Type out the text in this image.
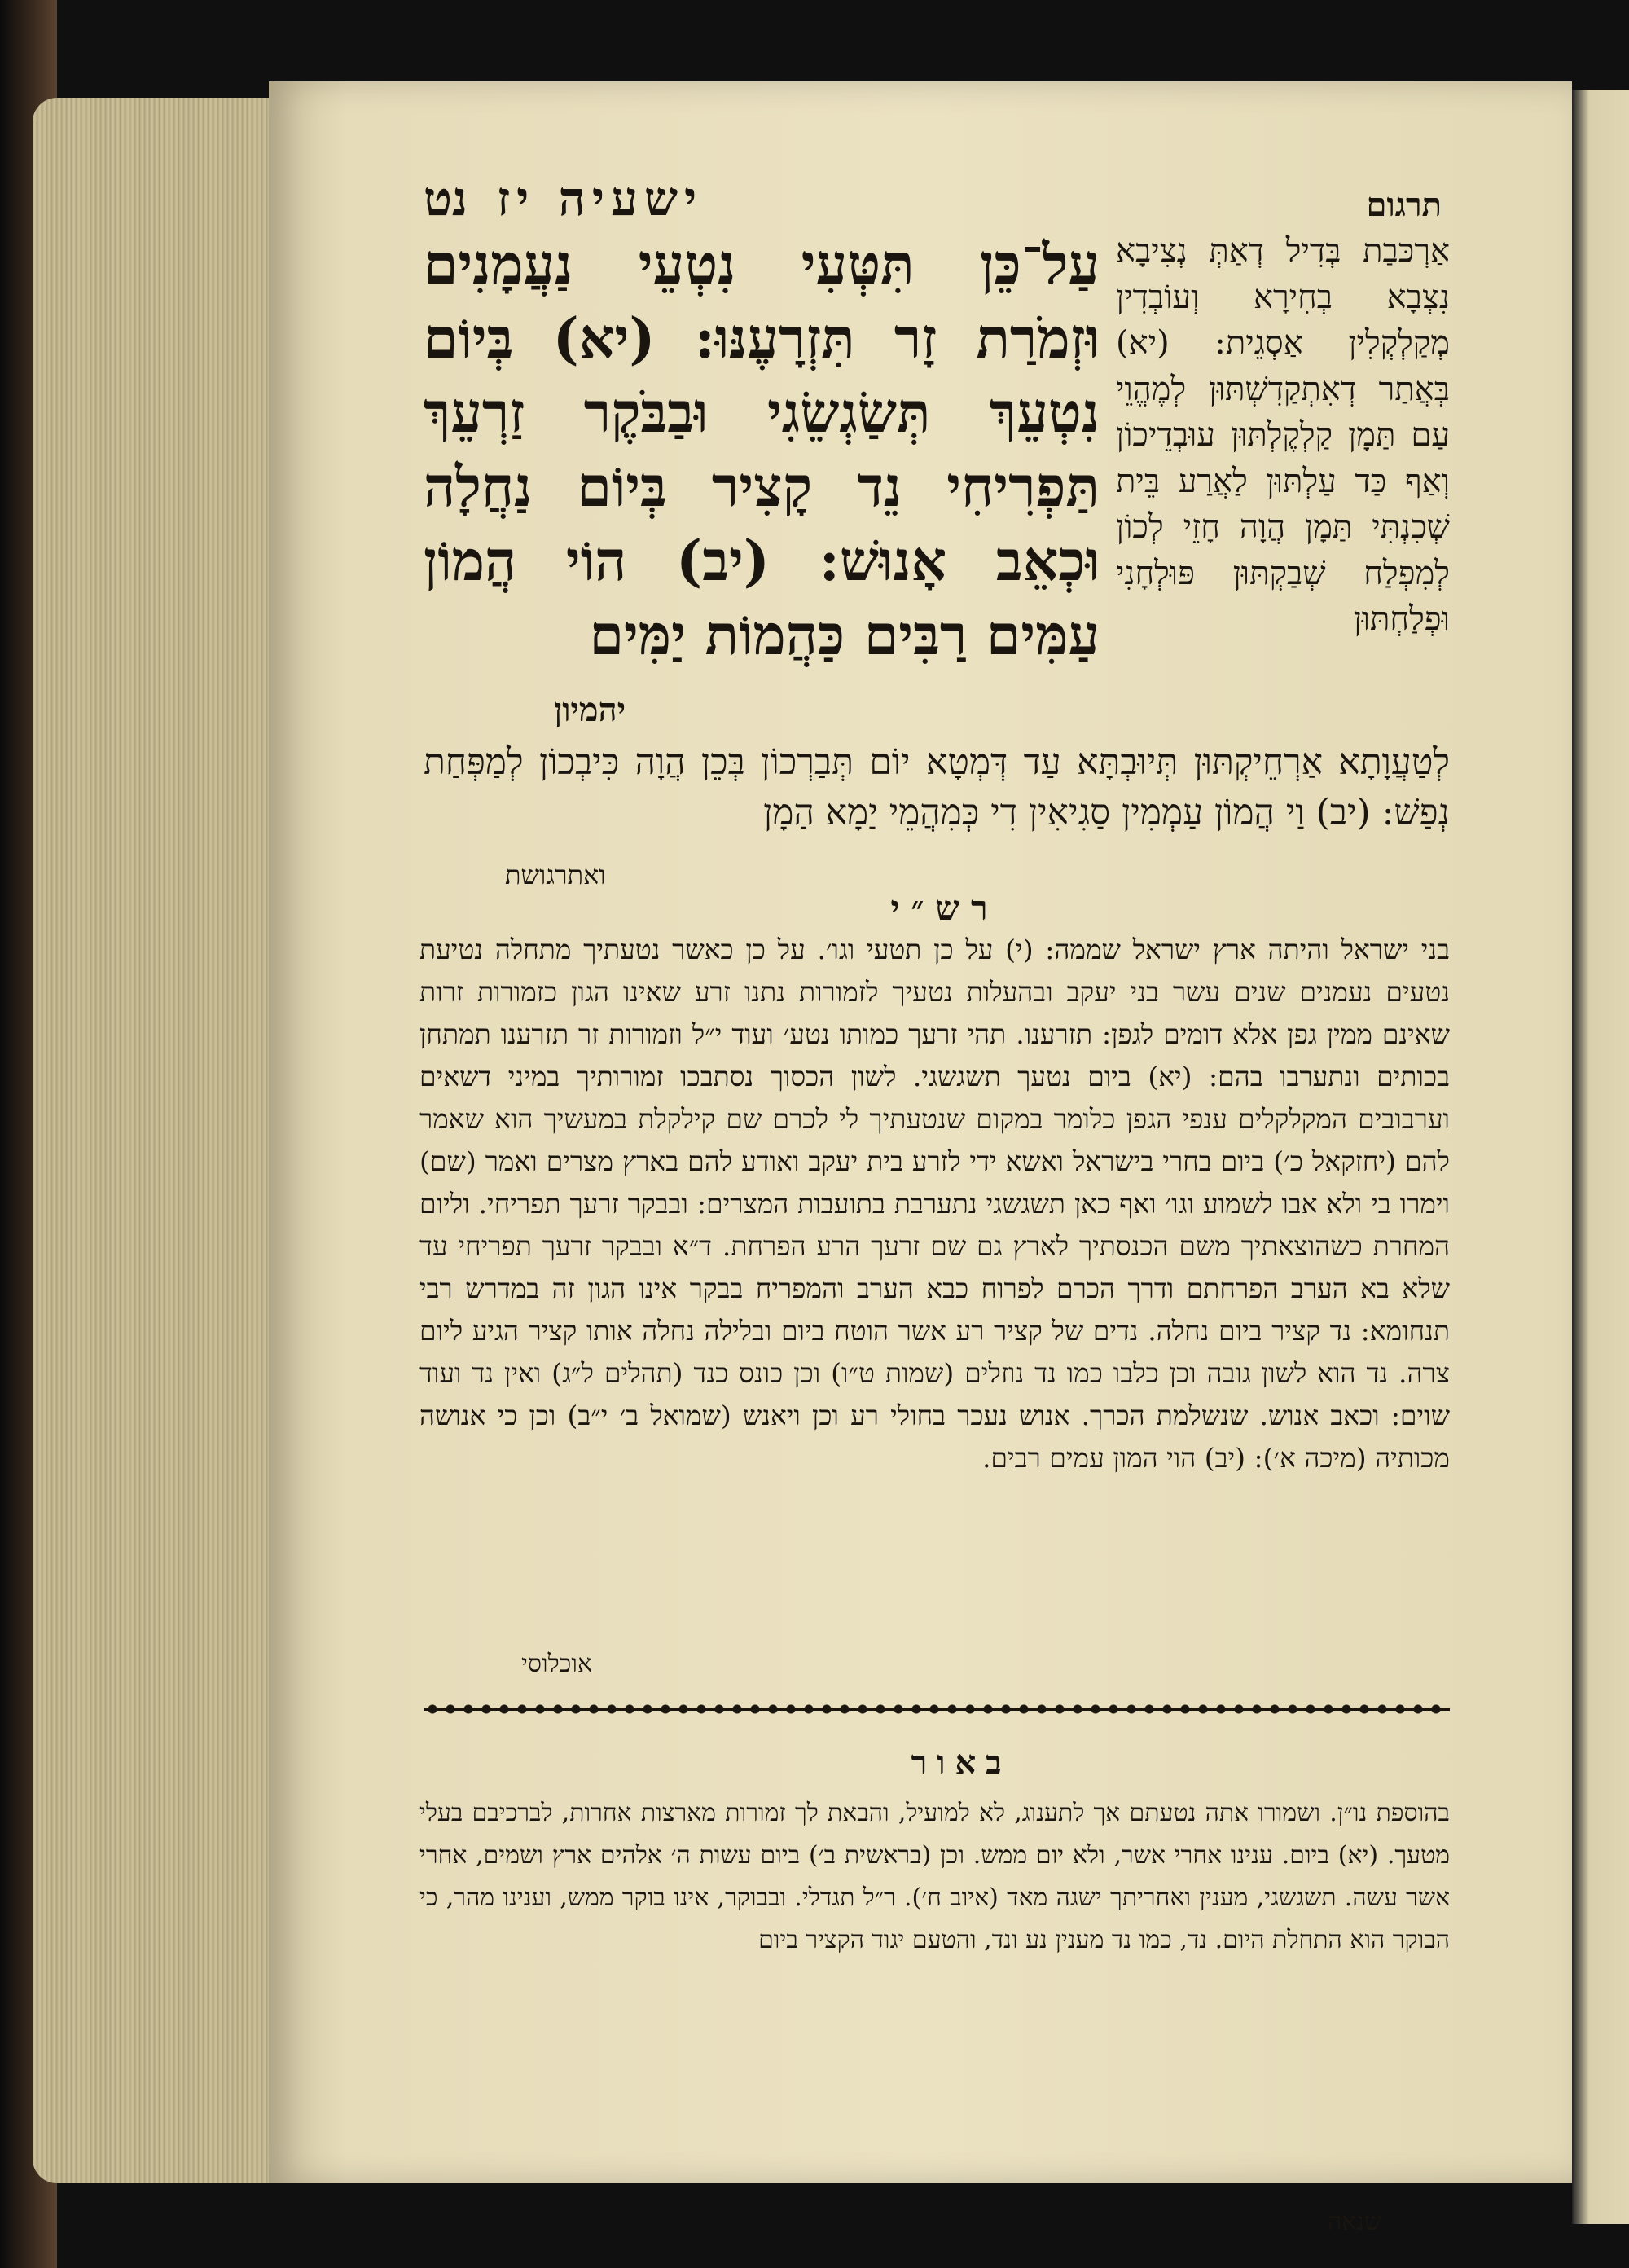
תרגום
ישעיה יז
נט
אַרְכּבַת בְּדִיל דְאַתְּ נְצִיבָא נִצְבָא בְחִירָא וְעוֹבְדִין מְקַלְקְלִין אַסְגֵית: (יא) בְּאֲתַר דְאִתְקַדִשְׁתּוּן לְמֶהֱוֵי עַם תַּמָן קַלְקֶלְתּוּן עוּבְדֵיכוֹן וְאַף כַּד עַלְתּוּן לַאֲרַע בֵּית שְׁכִנְתִּי תַּמָן הֲוָה חָזֵי לְכוֹן לְמִפְלַח שְׁבַקְתּוּן פּוּלְחָנִי וּפְלַחְתּוּן
עַל־כֵּן תִּטְּעִי נִטְעֵי נַעֲמָנִים וּזְמֹרַת זָר תִּזְרָעֶנּוּ: (יא) בְּיוֹם נִטְעֵךְ תְּשַׂגְשֵׂגִי וּבַבֹּקֶר זַרְעֵךְ תַּפְרִיחִי נֵד קָצִיר בְּיוֹם נַחֲלָה וּכְאֵב אָנוּשׁ: (יב) הוֹי הֲמוֹן עַמִּים רַבִּים כַּהֲמוֹת יַמִּים
יהמיון
לְטַעֲוָתָא אַרְחֵיקְתּוּן תְּיוּבְתָּא עַד דְּמְטָא יוֹם תְּבַרְכוֹן בְּכֵן הֲוָה כִּיבְכוֹן לְמַפְּחַת נְפַשׁ: (יב) וַי הֲמוֹן עַמְמִין סַגִיאִין דִי כְּמִהֲמֵי יַמָא הַמָן
ואתרגושת
רש״י
בני ישראל והיתה ארץ ישראל שממה: (י) על כן תטעי וגו׳. על כן כאשר נטעתיך מתחלה נטיעת נטעים נעמנים שנים עשר בני יעקב ובהעלות נטעיך לזמורות נתנו זרע שאינו הגון כזמורות זרות שאינם ממין גפן אלא דומים לגפן: תזרענו. תהי זרעך כמותו נטע׳ ועוד י״ל וזמורות זר תזרענו תמתחן בכותים ונתערבו בהם: (יא) ביום נטעך תשגשגי. לשון הכסוך נסתבכו זמורותיך במיני דשאים וערבובים המקלקלים ענפי הגפן כלומר במקום שנטעתיך לי לכרם שם קילקלת במעשיך הוא שאמר להם (יחזקאל כ׳) ביום בחרי בישראל ואשא ידי לזרע בית יעקב ואודע להם בארץ מצרים ואמר (שם) וימרו בי ולא אבו לשמוע וגו׳ ואף כאן תשגשגי נתערבת בתועבות המצרים: ובבקר זרעך תפריחי. וליום המחרת כשהוצאתיך משם הכנסתיך לארץ גם שם זרעך הרע הפרחת. ד״א ובבקר זרעך תפריחי עד שלא בא הערב הפרחתם ודרך הכרם לפרוח כבא הערב והמפריח בבקר אינו הגון זה במדרש רבי תנחומא: נד קציר ביום נחלה. נדים של קציר רע אשר הוטח ביום ובלילה נחלה אותו קציר הגיע ליום צרה. נד הוא לשון גובה וכן כלבו כמו נד נוזלים (שמות ט״ו) וכן כונס כנד (תהלים ל״ג) ואין נד ועוד שוים: וכאב אנוש. שנשלמת הכרך. אנוש נעכר בחולי רע וכן ויאנש (שמואל ב׳ י״ב) וכן כי אנושה מכותיה (מיכה א׳): (יב) הוי המון עמים רבים.
אוכלוסי
באור
בהוספת נו״ן. ושמורו אתה נטעתם אך לתענוג, לא למועיל, והבאת לך זמורות מארצות אחרות, לברכיבם בעלי מטעך. (יא) ביום. ענינו אחרי אשר, ולא יום ממש. וכן (בראשית ב׳) ביום עשות ה׳ אלהים ארץ ושמים, אחרי אשר עשה. תשגשגי, מענין ואחריתך ישגה מאד (איוב ח׳). ר״ל תגדלי. ובבוקר, אינו בוקר ממש, וענינו מהר, כי הבוקר הוא התחלת היום. נד, כמו נד מענין נע ונד, והטעם יגוד הקציר ביום
שנאה
